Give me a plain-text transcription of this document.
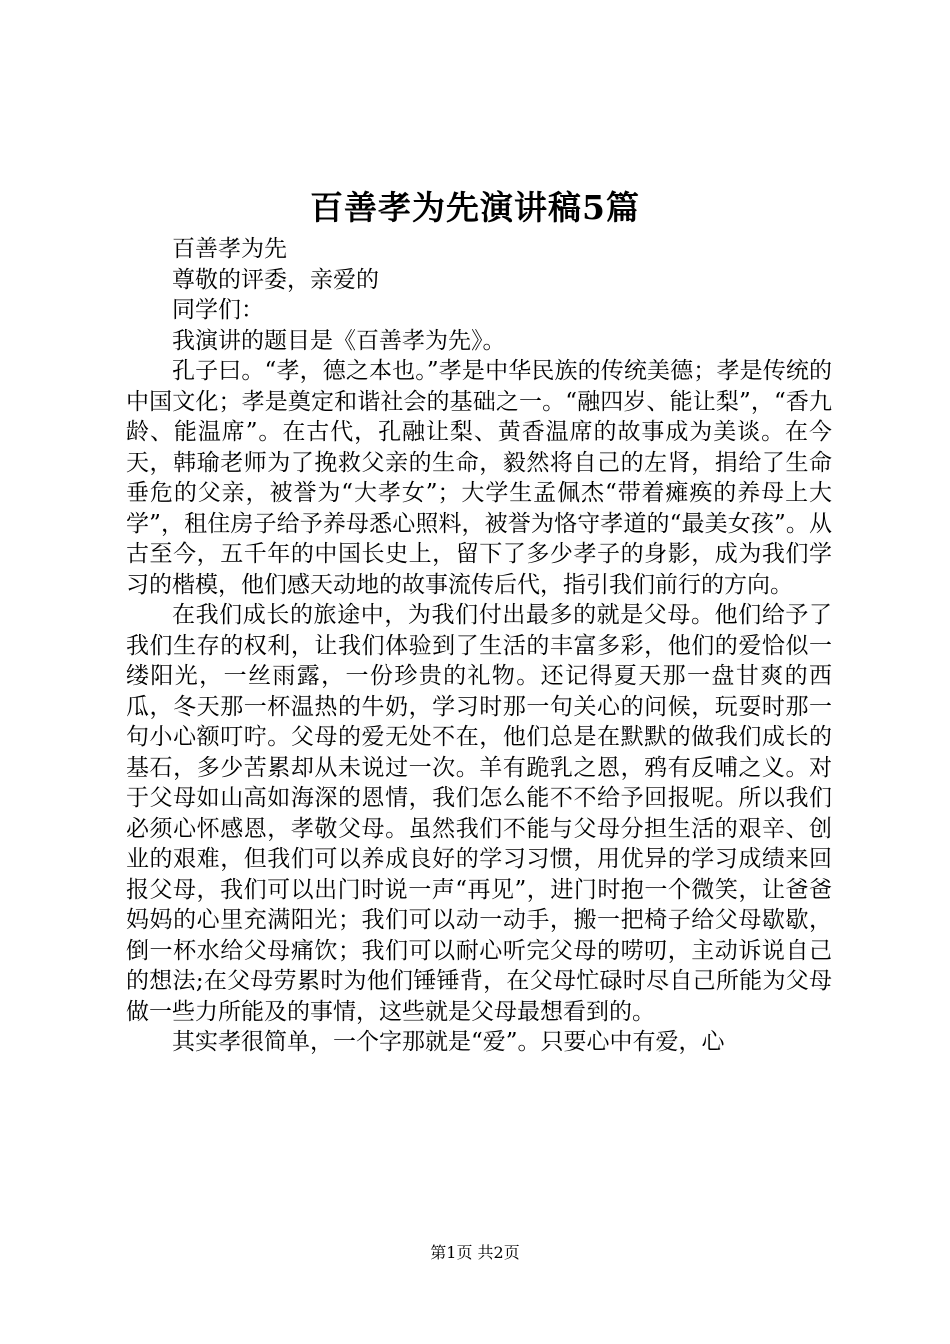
百善孝为先演讲稿5篇

百善孝为先

尊敬的评委，亲爱的

同学们：

我演讲的题目是《百善孝为先》。

孔子曰。“孝，德之本也。”孝是中华民族的传统美德；孝是传统的中国文化；孝是奠定和谐社会的基础之一。“融四岁、能让梨”，“香九龄、能温席”。在古代，孔融让梨、黄香温席的故事成为美谈。在今天，韩瑜老师为了挽救父亲的生命，毅然将自己的左肾，捐给了生命垂危的父亲，被誉为“大孝女”；大学生孟佩杰“带着瘫痪的养母上大学”，租住房子给予养母悉心照料，被誉为恪守孝道的“最美女孩”。从古至今，五千年的中国长史上，留下了多少孝子的身影，成为我们学习的楷模，他们感天动地的故事流传后代，指引我们前行的方向。

在我们成长的旅途中，为我们付出最多的就是父母。他们给予了我们生存的权利，让我们体验到了生活的丰富多彩，他们的爱恰似一缕阳光，一丝雨露，一份珍贵的礼物。还记得夏天那一盘甘爽的西瓜，冬天那一杯温热的牛奶，学习时那一句关心的问候，玩耍时那一句小心额叮咛。父母的爱无处不在，他们总是在默默的做我们成长的基石，多少苦累却从未说过一次。羊有跪乳之恩，鸦有反哺之义。对于父母如山高如海深的恩情，我们怎么能不不给予回报呢。所以我们必须心怀感恩，孝敬父母。虽然我们不能与父母分担生活的艰辛、创业的艰难，但我们可以养成良好的学习习惯，用优异的学习成绩来回报父母，我们可以出门时说一声“再见”，进门时抱一个微笑，让爸爸妈妈的心里充满阳光；我们可以动一动手，搬一把椅子给父母歇歇，倒一杯水给父母痛饮；我们可以耐心听完父母的唠叨，主动诉说自己的想法;在父母劳累时为他们锤锤背，在父母忙碌时尽自己所能为父母做一些力所能及的事情，这些就是父母最想看到的。

其实孝很简单，一个字那就是“爱”。只要心中有爱，心

第1页 共2页
